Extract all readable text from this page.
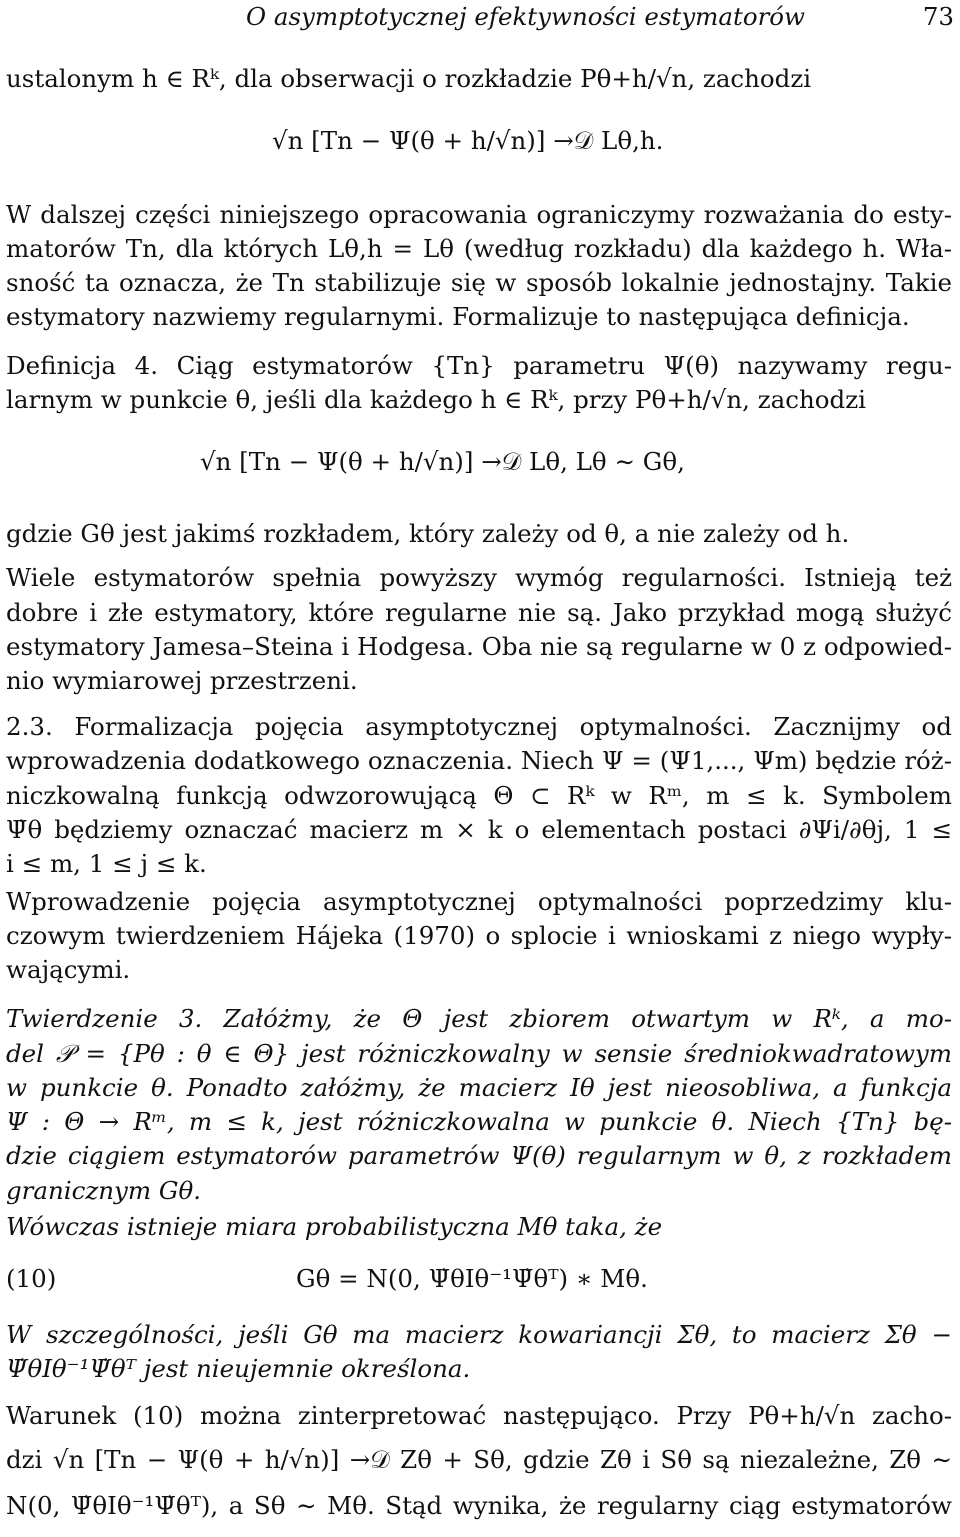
O asymptotycznej efektywności estymatorów	73
ustalonym h ∈ Rᵏ, dla obserwacji o rozkładzie Pθ+h/√n, zachodzi
W dalszej części niniejszego opracowania ograniczymy rozważania do esty-
matorów Tn, dla których Lθ,h = Lθ (według rozkładu) dla każdego h. Wła-
sność ta oznacza, że Tn stabilizuje się w sposób lokalnie jednostajny. Takie
estymatory nazwiemy regularnymi. Formalizuje to następująca definicja.
Definicja 4. Ciąg estymatorów {Tn} parametru Ψ(θ) nazywamy regu-
larnym w punkcie θ, jeśli dla każdego h ∈ Rᵏ, przy Pθ+h/√n, zachodzi
gdzie Gθ jest jakimś rozkładem, który zależy od θ, a nie zależy od h.
Wiele estymatorów spełnia powyższy wymóg regularności. Istnieją też
dobre i złe estymatory, które regularne nie są. Jako przykład mogą służyć
estymatory Jamesa–Steina i Hodgesa. Oba nie są regularne w 0 z odpowied-
nio wymiarowej przestrzeni.
2.3. Formalizacja pojęcia asymptotycznej optymalności. Zacznijmy od
wprowadzenia dodatkowego oznaczenia. Niech Ψ = (Ψ1,..., Ψm) będzie róż-
niczkowalną funkcją odwzorowującą Θ ⊂ Rᵏ w Rᵐ, m ≤ k. Symbolem
Ψ̇θ będziemy oznaczać macierz m × k o elementach postaci ∂Ψi/∂θj, 1 ≤
i ≤ m, 1 ≤ j ≤ k.
Wprowadzenie pojęcia asymptotycznej optymalności poprzedzimy klu-
czowym twierdzeniem Hájeka (1970) o splocie i wnioskami z niego wypły-
wającymi.
Twierdzenie 3. Załóżmy, że Θ jest zbiorem otwartym w Rᵏ, a mo-
del 𝒫 = {Pθ : θ ∈ Θ} jest różniczkowalny w sensie średniokwadratowym
w punkcie θ. Ponadto załóżmy, że macierz Iθ jest nieosobliwa, a funkcja
Ψ : Θ → Rᵐ, m ≤ k, jest różniczkowalna w punkcie θ. Niech {Tn} bę-
dzie ciągiem estymatorów parametrów Ψ(θ) regularnym w θ, z rozkładem
granicznym Gθ.
Wówczas istnieje miara probabilistyczna Mθ taka, że
W szczególności, jeśli Gθ ma macierz kowariancji Σθ, to macierz Σθ −
Ψ̇θIθ⁻¹Ψ̇θᵀ jest nieujemnie określona.
Warunek (10) można zinterpretować następująco. Przy Pθ+h/√n zacho-
dzi √n [Tn − Ψ(θ + h/√n)] →𝒟 Zθ + Sθ, gdzie Zθ i Sθ są niezależne, Zθ ∼
N(0, Ψ̇θIθ⁻¹Ψ̇θᵀ), a Sθ ∼ Mθ. Stąd wynika, że regularny ciąg estymatorów
√n [Tn − Ψ(θ + h/√n)] →𝒟 Lθ,h.
√n [Tn − Ψ(θ + h/√n)] →𝒟 Lθ, Lθ ∼ Gθ,
Gθ = N(0, Ψ̇θIθ⁻¹Ψ̇θᵀ) ∗ Mθ.
(10)
